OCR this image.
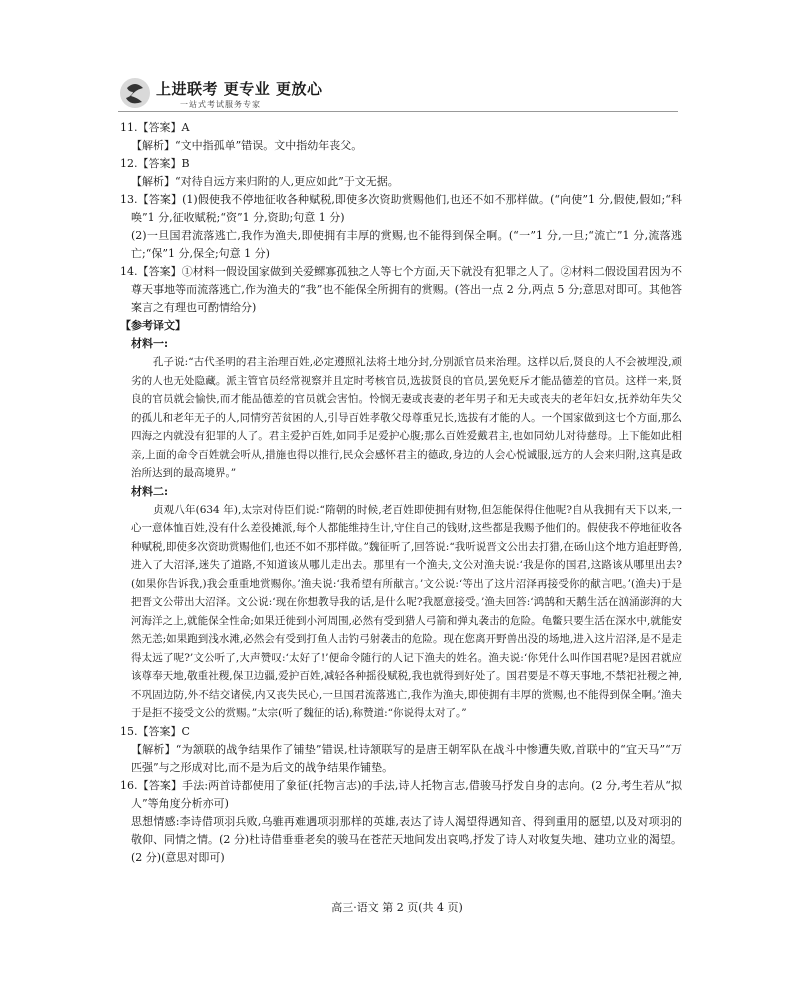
上进联考 更专业 更放心
一站式考试服务专家

11.【答案】A

【解析】“文中指孤单”错误。文中指幼年丧父。

12.【答案】B

【解析】“对待自远方来归附的人,更应如此”于文无据。

13.【答案】(1)假使我不停地征收各种赋税,即使多次资助赏赐他们,也还不如不那样做。(“向使”1 分,假使,假如;“科唤”1 分,征收赋税;“资”1 分,资助;句意 1 分)

(2)一旦国君流落逃亡,我作为渔夫,即使拥有丰厚的赏赐,也不能得到保全啊。(“一”1 分,一旦;“流亡”1 分,流落逃亡;“保”1 分,保全;句意 1 分)

14.【答案】①材料一假设国家做到关爱鳏寡孤独之人等七个方面,天下就没有犯罪之人了。②材料二假设国君因为不尊天事地等而流落逃亡,作为渔夫的“我”也不能保全所拥有的赏赐。(答出一点 2 分,两点 5 分;意思对即可。其他答案言之有理也可酌情给分)

【参考译文】

材料一:

孔子说:“古代圣明的君主治理百姓,必定遵照礼法将土地分封,分别派官员来治理。这样以后,贤良的人不会被埋没,顽劣的人也无处隐藏。派主管官员经常视察并且定时考核官员,选拔贤良的官员,罢免贬斥才能品德差的官员。这样一来,贤良的官员就会愉快,而才能品德差的官员就会害怕。怜悯无妻或丧妻的老年男子和无夫或丧夫的老年妇女,抚养幼年失父的孤儿和老年无子的人,同情穷苦贫困的人,引导百姓孝敬父母尊重兄长,选拔有才能的人。一个国家做到这七个方面,那么四海之内就没有犯罪的人了。君主爱护百姓,如同手足爱护心腹;那么百姓爱戴君主,也如同幼儿对待慈母。上下能如此相亲,上面的命令百姓就会听从,措施也得以推行,民众会感怀君主的德政,身边的人会心悦诚服,远方的人会来归附,这真是政治所达到的最高境界。”

材料二:

贞观八年(634 年),太宗对侍臣们说:“隋朝的时候,老百姓即使拥有财物,但怎能保得住他呢?自从我拥有天下以来,一心一意体恤百姓,没有什么差役摊派,每个人都能维持生计,守住自己的钱财,这些都是我赐予他们的。假使我不停地征收各种赋税,即使多次资助赏赐他们,也还不如不那样做。”魏征听了,回答说:“我听说晋文公出去打猎,在砀山这个地方追赶野兽,进入了大沼泽,迷失了道路,不知道该从哪儿走出去。那里有一个渔夫,文公对渔夫说:‘我是你的国君,这路该从哪里出去?(如果你告诉我,)我会重重地赏赐你。’渔夫说:‘我希望有所献言。’文公说:‘等出了这片沼泽再接受你的献言吧。’(渔夫)于是把晋文公带出大沼泽。文公说:‘现在你想教导我的话,是什么呢?我愿意接受。’渔夫回答:‘鸿鹄和天鹅生活在汹涌澎湃的大河海洋之上,就能保全性命;如果迁徙到小河周围,必然有受到猎人弓箭和弹丸袭击的危险。龟鳖只要生活在深水中,就能安然无恙;如果跑到浅水滩,必然会有受到打鱼人击钓弓射袭击的危险。现在您离开野兽出没的场地,进入这片沼泽,是不是走得太远了呢?’文公听了,大声赞叹:‘太好了!’便命令随行的人记下渔夫的姓名。渔夫说:‘你凭什么叫作国君呢?是因君就应该尊奉天地,敬重社稷,保卫边疆,爱护百姓,减轻各种摇役赋税,我也就得到好处了。国君要是不尊天事地,不禁祀社稷之神,不巩固边防,外不结交诸侯,内又丧失民心,一旦国君流落逃亡,我作为渔夫,即使拥有丰厚的赏赐,也不能得到保全啊。’渔夫于是拒不接受文公的赏赐。”太宗(听了魏征的话),称赞道:“你说得太对了。”

15.【答案】C

【解析】“为颔联的战争结果作了铺垫”错误,杜诗颔联写的是唐王朝军队在战斗中惨遭失败,首联中的“宜天马”“万匹强”与之形成对比,而不是为后文的战争结果作铺垫。

16.【答案】手法:两首诗都使用了象征(托物言志)的手法,诗人托物言志,借骏马抒发自身的志向。(2 分,考生若从“拟人”等角度分析亦可)

思想情感:李诗借项羽兵败,乌骓再难遇项羽那样的英雄,表达了诗人渴望得遇知音、得到重用的愿望,以及对项羽的敬仰、同情之情。(2 分)杜诗借垂垂老矣的骏马在苍茫天地间发出哀鸣,抒发了诗人对收复失地、建功立业的渴望。(2 分)(意思对即可)

高三·语文 第 2 页(共 4 页)
